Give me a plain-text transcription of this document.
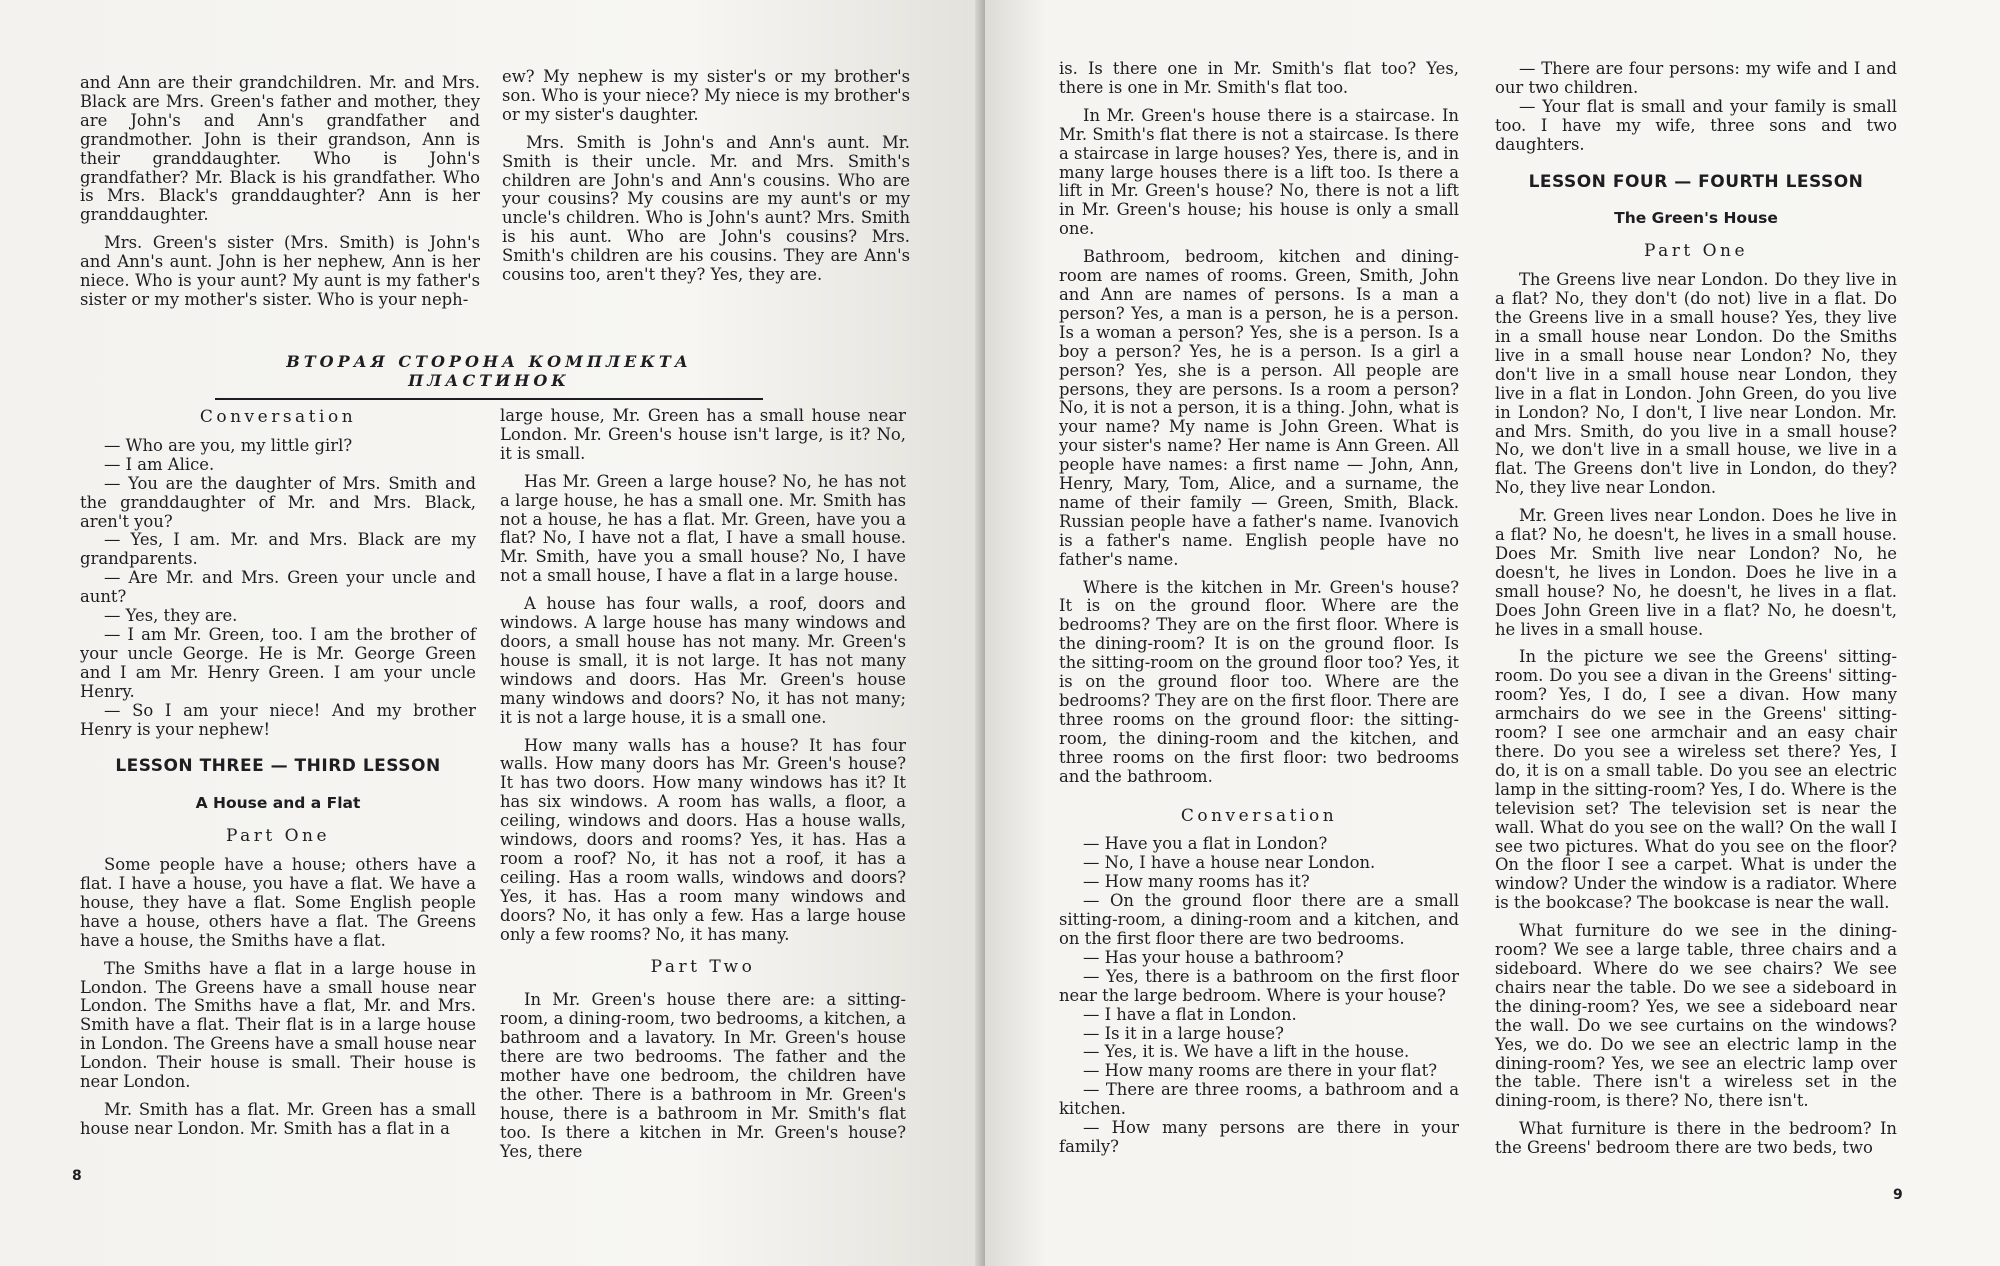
and Ann are their grandchildren. Mr. and Mrs. Black are Mrs. Green's father and mother, they are John's and Ann's grandfather and grandmother. John is their grandson, Ann is their granddaughter. Who is John's grandfather? Mr. Black is his grandfather. Who is Mrs. Black's granddaughter? Ann is her granddaughter.

Mrs. Green's sister (Mrs. Smith) is John's and Ann's aunt. John is her nephew, Ann is her niece. Who is your aunt? My aunt is my father's sister or my mother's sister. Who is your neph-

ew? My nephew is my sister's or my brother's son. Who is your niece? My niece is my brother's or my sister's daughter.

Mrs. Smith is John's and Ann's aunt. Mr. Smith is their uncle. Mr. and Mrs. Smith's children are John's and Ann's cousins. Who are your cousins? My cousins are my aunt's or my uncle's children. Who is John's aunt? Mrs. Smith is his aunt. Who are John's cousins? Mrs. Smith's children are his cousins. They are Ann's cousins too, aren't they? Yes, they are.

ВТОРАЯ СТОРОНА КОМПЛЕКТА ПЛАСТИНОК
Conversation

— Who are you, my little girl?

— I am Alice.

— You are the daughter of Mrs. Smith and the granddaughter of Mr. and Mrs. Black, aren't you?

— Yes, I am. Mr. and Mrs. Black are my grandparents.

— Are Mr. and Mrs. Green your uncle and aunt?

— Yes, they are.

— I am Mr. Green, too. I am the brother of your uncle George. He is Mr. George Green and I am Mr. Henry Green. I am your uncle Henry.

— So I am your niece! And my brother Henry is your nephew!

LESSON THREE — THIRD LESSON
A House and a Flat
Part One

Some people have a house; others have a flat. I have a house, you have a flat. We have a house, they have a flat. Some English people have a house, others have a flat. The Greens have a house, the Smiths have a flat.

The Smiths have a flat in a large house in London. The Greens have a small house near London. The Smiths have a flat, Mr. and Mrs. Smith have a flat. Their flat is in a large house in London. The Greens have a small house near London. Their house is small. Their house is near London.

Mr. Smith has a flat. Mr. Green has a small house near London. Mr. Smith has a flat in a

large house, Mr. Green has a small house near London. Mr. Green's house isn't large, is it? No, it is small.

Has Mr. Green a large house? No, he has not a large house, he has a small one. Mr. Smith has not a house, he has a flat. Mr. Green, have you a flat? No, I have not a flat, I have a small house. Mr. Smith, have you a small house? No, I have not a small house, I have a flat in a large house.

A house has four walls, a roof, doors and windows. A large house has many windows and doors, a small house has not many. Mr. Green's house is small, it is not large. It has not many windows and doors. Has Mr. Green's house many windows and doors? No, it has not many; it is not a large house, it is a small one.

How many walls has a house? It has four walls. How many doors has Mr. Green's house? It has two doors. How many windows has it? It has six windows. A room has walls, a floor, a ceiling, windows and doors. Has a house walls, windows, doors and rooms? Yes, it has. Has a room a roof? No, it has not a roof, it has a ceiling. Has a room walls, windows and doors? Yes, it has. Has a room many windows and doors? No, it has only a few. Has a large house only a few rooms? No, it has many.

Part Two

In Mr. Green's house there are: a sitting-room, a dining-room, two bedrooms, a kitchen, a bathroom and a lavatory. In Mr. Green's house there are two bedrooms. The father and the mother have one bedroom, the children have the other. There is a bathroom in Mr. Green's house, there is a bathroom in Mr. Smith's flat too. Is there a kitchen in Mr. Green's house? Yes, there

8

is. Is there one in Mr. Smith's flat too? Yes, there is one in Mr. Smith's flat too.

In Mr. Green's house there is a staircase. In Mr. Smith's flat there is not a staircase. Is there a staircase in large houses? Yes, there is, and in many large houses there is a lift too. Is there a lift in Mr. Green's house? No, there is not a lift in Mr. Green's house; his house is only a small one.

Bathroom, bedroom, kitchen and dining-room are names of rooms. Green, Smith, John and Ann are names of persons. Is a man a person? Yes, a man is a person, he is a person. Is a woman a person? Yes, she is a person. Is a boy a person? Yes, he is a person. Is a girl a person? Yes, she is a person. All people are persons, they are persons. Is a room a person? No, it is not a person, it is a thing. John, what is your name? My name is John Green. What is your sister's name? Her name is Ann Green. All people have names: a first name — John, Ann, Henry, Mary, Tom, Alice, and a surname, the name of their family — Green, Smith, Black. Russian people have a father's name. Ivanovich is a father's name. English people have no father's name.

Where is the kitchen in Mr. Green's house? It is on the ground floor. Where are the bedrooms? They are on the first floor. Where is the dining-room? It is on the ground floor. Is the sitting-room on the ground floor too? Yes, it is on the ground floor too. Where are the bedrooms? They are on the first floor. There are three rooms on the ground floor: the sitting-room, the dining-room and the kitchen, and three rooms on the first floor: two bedrooms and the bathroom.

Conversation

— Have you a flat in London?

— No, I have a house near London.

— How many rooms has it?

— On the ground floor there are a small sitting-room, a dining-room and a kitchen, and on the first floor there are two bedrooms.

— Has your house a bathroom?

— Yes, there is a bathroom on the first floor near the large bedroom. Where is your house?

— I have a flat in London.

— Is it in a large house?

— Yes, it is. We have a lift in the house.

— How many rooms are there in your flat?

— There are three rooms, a bathroom and a kitchen.

— How many persons are there in your family?

— There are four persons: my wife and I and our two children.

— Your flat is small and your family is small too. I have my wife, three sons and two daughters.

LESSON FOUR — FOURTH LESSON
The Green's House
Part One

The Greens live near London. Do they live in a flat? No, they don't (do not) live in a flat. Do the Greens live in a small house? Yes, they live in a small house near London. Do the Smiths live in a small house near London? No, they don't live in a small house near London, they live in a flat in London. John Green, do you live in London? No, I don't, I live near London. Mr. and Mrs. Smith, do you live in a small house? No, we don't live in a small house, we live in a flat. The Greens don't live in London, do they? No, they live near London.

Mr. Green lives near London. Does he live in a flat? No, he doesn't, he lives in a small house. Does Mr. Smith live near London? No, he doesn't, he lives in London. Does he live in a small house? No, he doesn't, he lives in a flat. Does John Green live in a flat? No, he doesn't, he lives in a small house.

In the picture we see the Greens' sitting-room. Do you see a divan in the Greens' sitting-room? Yes, I do, I see a divan. How many armchairs do we see in the Greens' sitting-room? I see one armchair and an easy chair there. Do you see a wireless set there? Yes, I do, it is on a small table. Do you see an electric lamp in the sitting-room? Yes, I do. Where is the television set? The television set is near the wall. What do you see on the wall? On the wall I see two pictures. What do you see on the floor? On the floor I see a carpet. What is under the window? Under the window is a radiator. Where is the bookcase? The bookcase is near the wall.

What furniture do we see in the dining-room? We see a large table, three chairs and a sideboard. Where do we see chairs? We see chairs near the table. Do we see a sideboard in the dining-room? Yes, we see a sideboard near the wall. Do we see curtains on the windows? Yes, we do. Do we see an electric lamp in the dining-room? Yes, we see an electric lamp over the table. There isn't a wireless set in the dining-room, is there? No, there isn't.

What furniture is there in the bedroom? In the Greens' bedroom there are two beds, two

9
